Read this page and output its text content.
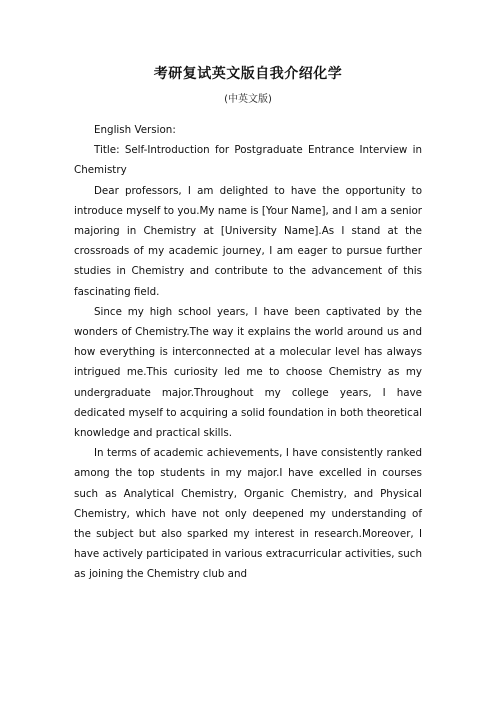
考研复试英文版自我介绍化学
(中英文版)

English Version:

Title: Self-Introduction for Postgraduate Entrance Interview in Chemistry

Dear professors, I am delighted to have the opportunity to introduce myself to you.My name is [Your Name], and I am a senior majoring in Chemistry at [University Name].As I stand at the crossroads of my academic journey, I am eager to pursue further studies in Chemistry and contribute to the advancement of this fascinating field.

Since my high school years, I have been captivated by the wonders of Chemistry.The way it explains the world around us and how everything is interconnected at a molecular level has always intrigued me.This curiosity led me to choose Chemistry as my undergraduate major.Throughout my college years, I have dedicated myself to acquiring a solid foundation in both theoretical knowledge and practical skills.

In terms of academic achievements, I have consistently ranked among the top students in my major.I have excelled in courses such as Analytical Chemistry, Organic Chemistry, and Physical Chemistry, which have not only deepened my understanding of the subject but also sparked my interest in research.Moreover, I have actively participated in various extracurricular activities, such as joining the Chemistry club and
